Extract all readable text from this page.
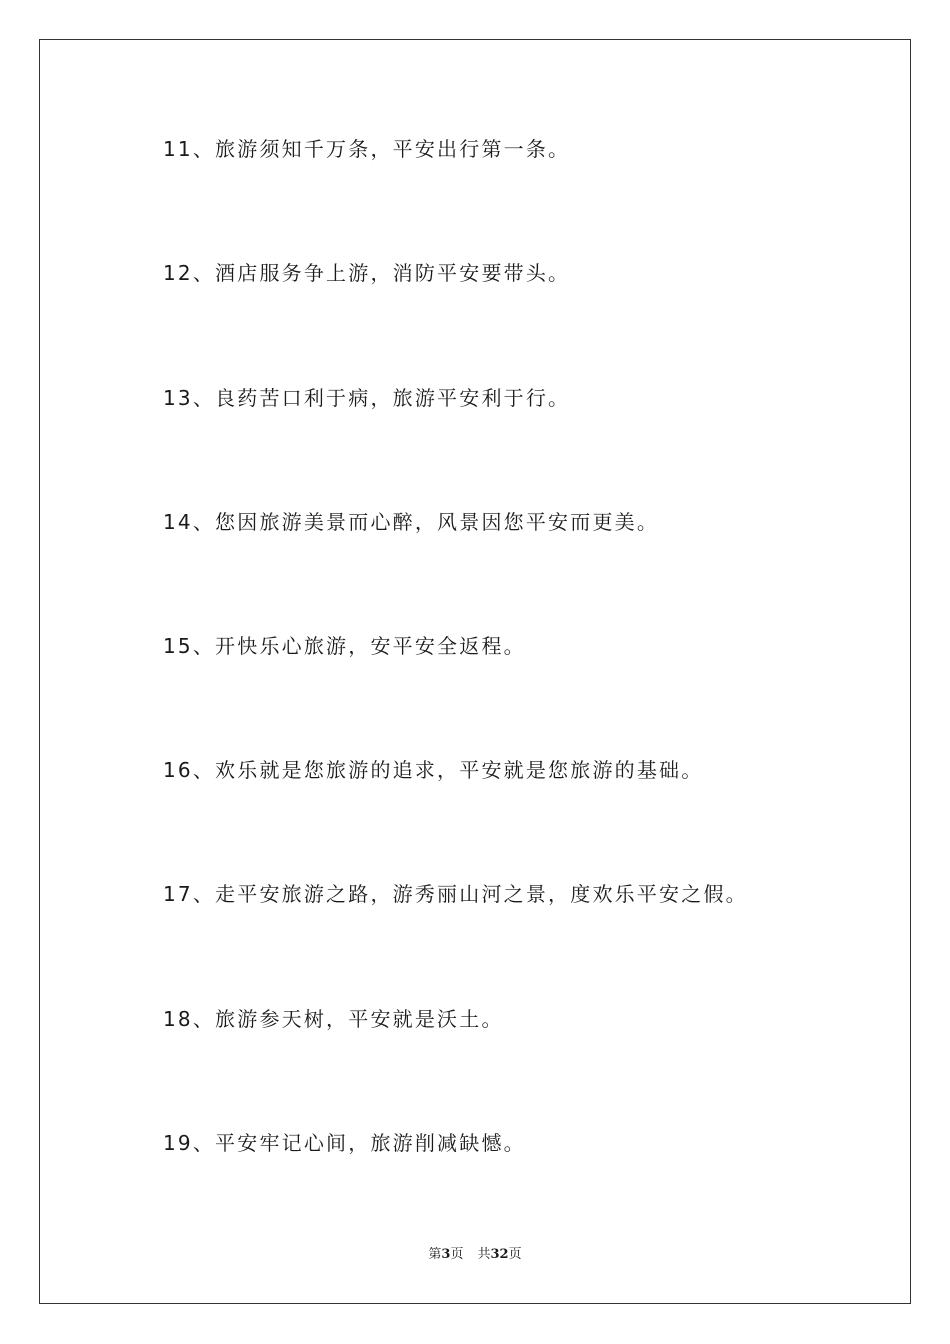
11、旅游须知千万条，平安出行第一条。
12、酒店服务争上游，消防平安要带头。
13、良药苦口利于病，旅游平安利于行。
14、您因旅游美景而心醉，风景因您平安而更美。
15、开快乐心旅游，安平安全返程。
16、欢乐就是您旅游的追求，平安就是您旅游的基础。
17、走平安旅游之路，游秀丽山河之景，度欢乐平安之假。
18、旅游参天树，平安就是沃土。
19、平安牢记心间，旅游削减缺憾。
第3页 共32页
